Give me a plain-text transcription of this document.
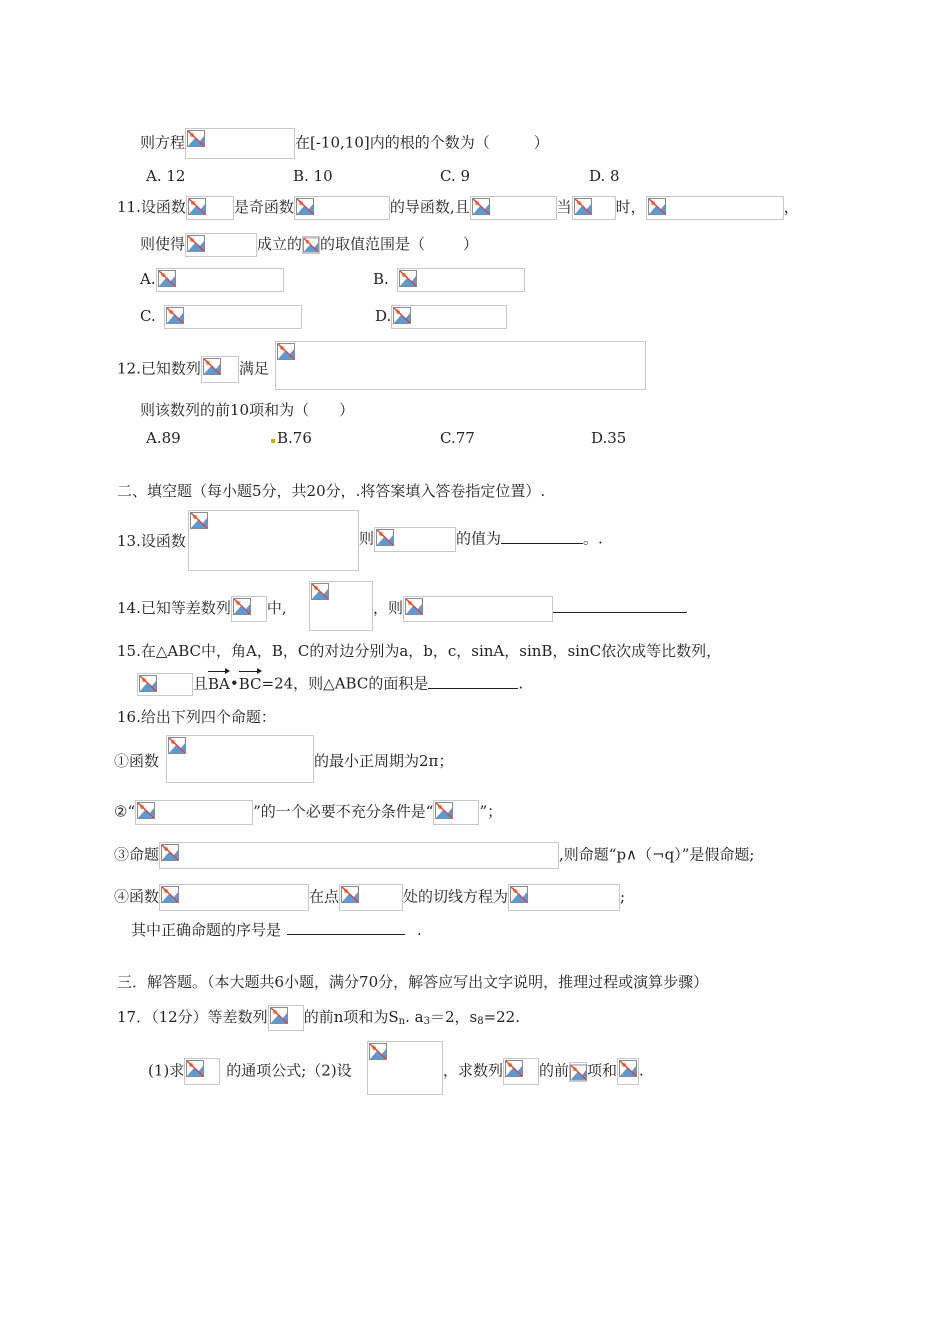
则方程	在[-10,10]内的根的个数为（	）
A. 12	B. 10	C. 9	D. 8
11.设函数	是奇函数	的导函数,且	当	时，	，
则使得	成立的 的取值范围是（	）
A.	B.
C.	D.
12.已知数列	满足
则该数列的前10项和为（ ）
A.89	B.76	C.77	D.35
二、填空题（每小题5分，共20分，.将答案填入答卷指定位置）.
13.设函数	则	的值为	。.
14.已知等差数列 中,	，则
15.在△ABC中，角A，B，C的对边分别为a，b，c，sinA，sinB，sinC依次成等比数列，
且BA•BC=24，则△ABC的面积是	.
16.给出下列四个命题：
①函数	的最小正周期为2π；
②“	”的一个必要不充分条件是“	”；
③命题	,则命题“p∧（¬q）”是假命题;
④函数	在点	处的切线方程为	;
其中正确命题的序号是	.
三．解答题。（本大题共6小题，满分70分，解答应写出文字说明，推理过程或演算步骤）
17．（12分）等差数列 的前n项和为$S_n$. $a_3=2$，$s_8=22$.
(1)求	的通项公式;（2)设	，求数列 的前 项和 .
